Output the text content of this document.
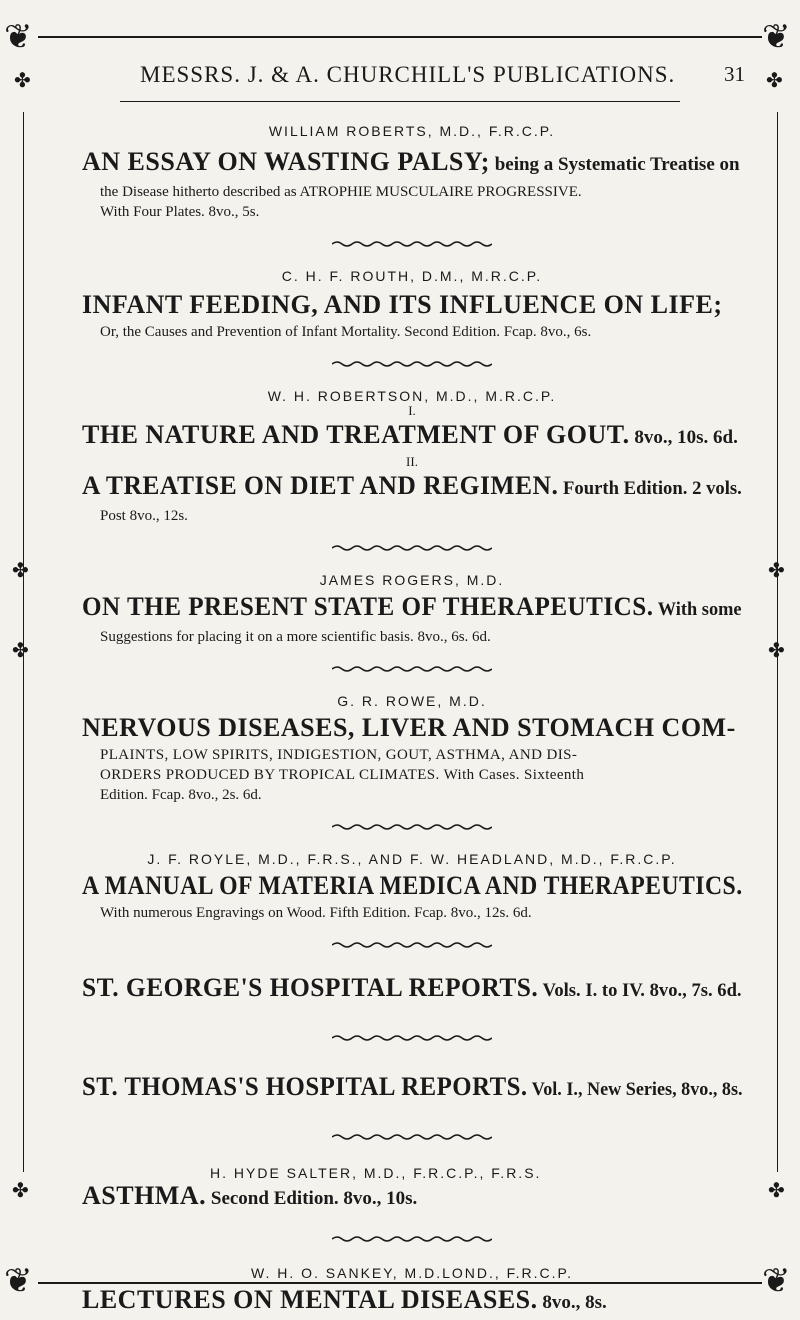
❦	❦
❦	❦
✤	✤
✤	✤
✤	✤
✤	✤
MESSRS. J. & A. CHURCHILL'S PUBLICATIONS. 31

WILLIAM ROBERTS, M.D., F.R.C.P.

AN ESSAY ON WASTING PALSY; being a Systematic Treatise on

the Disease hitherto described as ATROPHIE MUSCULAIRE PROGRESSIVE.

With Four Plates. 8vo., 5s.

C. H. F. ROUTH, D.M., M.R.C.P.

INFANT FEEDING, AND ITS INFLUENCE ON LIFE;

Or, the Causes and Prevention of Infant Mortality. Second Edition. Fcap. 8vo., 6s.

W. H. ROBERTSON, M.D., M.R.C.P.

I.

THE NATURE AND TREATMENT OF GOUT. 8vo., 10s. 6d.

II.

A TREATISE ON DIET AND REGIMEN. Fourth Edition. 2 vols.

Post 8vo., 12s.

JAMES ROGERS, M.D.

ON THE PRESENT STATE OF THERAPEUTICS. With some

Suggestions for placing it on a more scientific basis. 8vo., 6s. 6d.

G. R. ROWE, M.D.

NERVOUS DISEASES, LIVER AND STOMACH COM-

PLAINTS, LOW SPIRITS, INDIGESTION, GOUT, ASTHMA, AND DIS-

ORDERS PRODUCED BY TROPICAL CLIMATES. With Cases. Sixteenth

Edition. Fcap. 8vo., 2s. 6d.

J. F. ROYLE, M.D., F.R.S., AND F. W. HEADLAND, M.D., F.R.C.P.

A MANUAL OF MATERIA MEDICA AND THERAPEUTICS.

With numerous Engravings on Wood. Fifth Edition. Fcap. 8vo., 12s. 6d.

ST. GEORGE'S HOSPITAL REPORTS. Vols. I. to IV. 8vo., 7s. 6d.

ST. THOMAS'S HOSPITAL REPORTS. Vol. I., New Series, 8vo., 8s.

H. HYDE SALTER, M.D., F.R.C.P., F.R.S.

ASTHMA. Second Edition. 8vo., 10s.

W. H. O. SANKEY, M.D.LOND., F.R.C.P.

LECTURES ON MENTAL DISEASES. 8vo., 8s.
